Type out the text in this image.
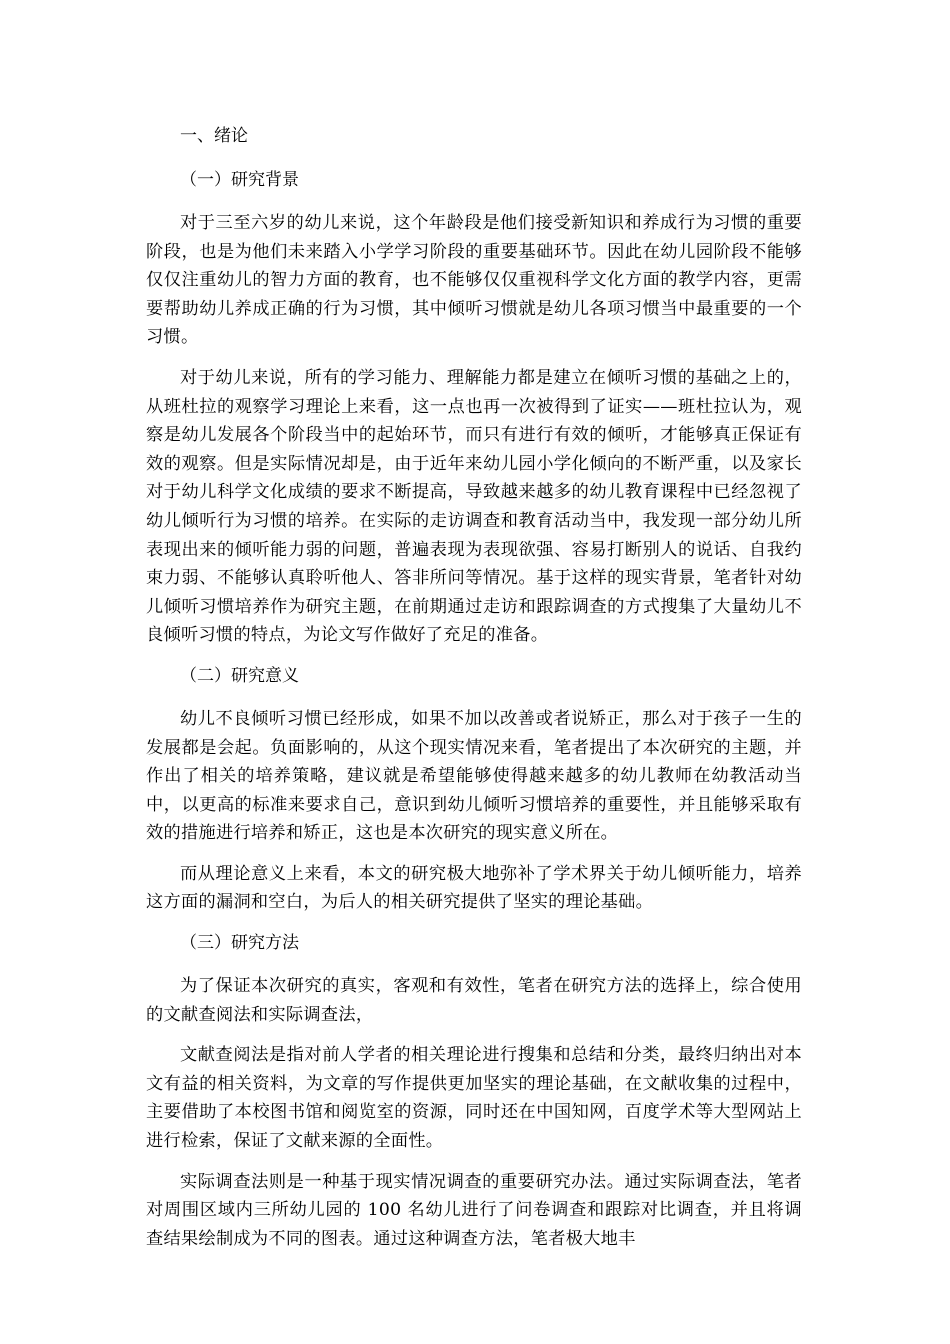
一、绪论

（一）研究背景

对于三至六岁的幼儿来说，这个年龄段是他们接受新知识和养成行为习惯的重要阶段，也是为他们未来踏入小学学习阶段的重要基础环节。因此在幼儿园阶段不能够仅仅注重幼儿的智力方面的教育，也不能够仅仅重视科学文化方面的教学内容，更需要帮助幼儿养成正确的行为习惯，其中倾听习惯就是幼儿各项习惯当中最重要的一个习惯。

对于幼儿来说，所有的学习能力、理解能力都是建立在倾听习惯的基础之上的，从班杜拉的观察学习理论上来看，这一点也再一次被得到了证实——班杜拉认为，观察是幼儿发展各个阶段当中的起始环节，而只有进行有效的倾听，才能够真正保证有效的观察。但是实际情况却是，由于近年来幼儿园小学化倾向的不断严重，以及家长对于幼儿科学文化成绩的要求不断提高，导致越来越多的幼儿教育课程中已经忽视了幼儿倾听行为习惯的培养。在实际的走访调查和教育活动当中，我发现一部分幼儿所表现出来的倾听能力弱的问题，普遍表现为表现欲强、容易打断别人的说话、自我约束力弱、不能够认真聆听他人、答非所问等情况。基于这样的现实背景，笔者针对幼儿倾听习惯培养作为研究主题，在前期通过走访和跟踪调查的方式搜集了大量幼儿不良倾听习惯的特点，为论文写作做好了充足的准备。

（二）研究意义

幼儿不良倾听习惯已经形成，如果不加以改善或者说矫正，那么对于孩子一生的发展都是会起。负面影响的，从这个现实情况来看，笔者提出了本次研究的主题，并作出了相关的培养策略，建议就是希望能够使得越来越多的幼儿教师在幼教活动当中，以更高的标准来要求自己，意识到幼儿倾听习惯培养的重要性，并且能够采取有效的措施进行培养和矫正，这也是本次研究的现实意义所在。

而从理论意义上来看，本文的研究极大地弥补了学术界关于幼儿倾听能力，培养这方面的漏洞和空白，为后人的相关研究提供了坚实的理论基础。

（三）研究方法

为了保证本次研究的真实，客观和有效性，笔者在研究方法的选择上，综合使用的文献查阅法和实际调查法，

文献查阅法是指对前人学者的相关理论进行搜集和总结和分类，最终归纳出对本文有益的相关资料，为文章的写作提供更加坚实的理论基础，在文献收集的过程中，主要借助了本校图书馆和阅览室的资源，同时还在中国知网，百度学术等大型网站上进行检索，保证了文献来源的全面性。

实际调查法则是一种基于现实情况调查的重要研究办法。通过实际调查法，笔者对周围区域内三所幼儿园的 100 名幼儿进行了问卷调查和跟踪对比调查，并且将调查结果绘制成为不同的图表。通过这种调查方法，笔者极大地丰
